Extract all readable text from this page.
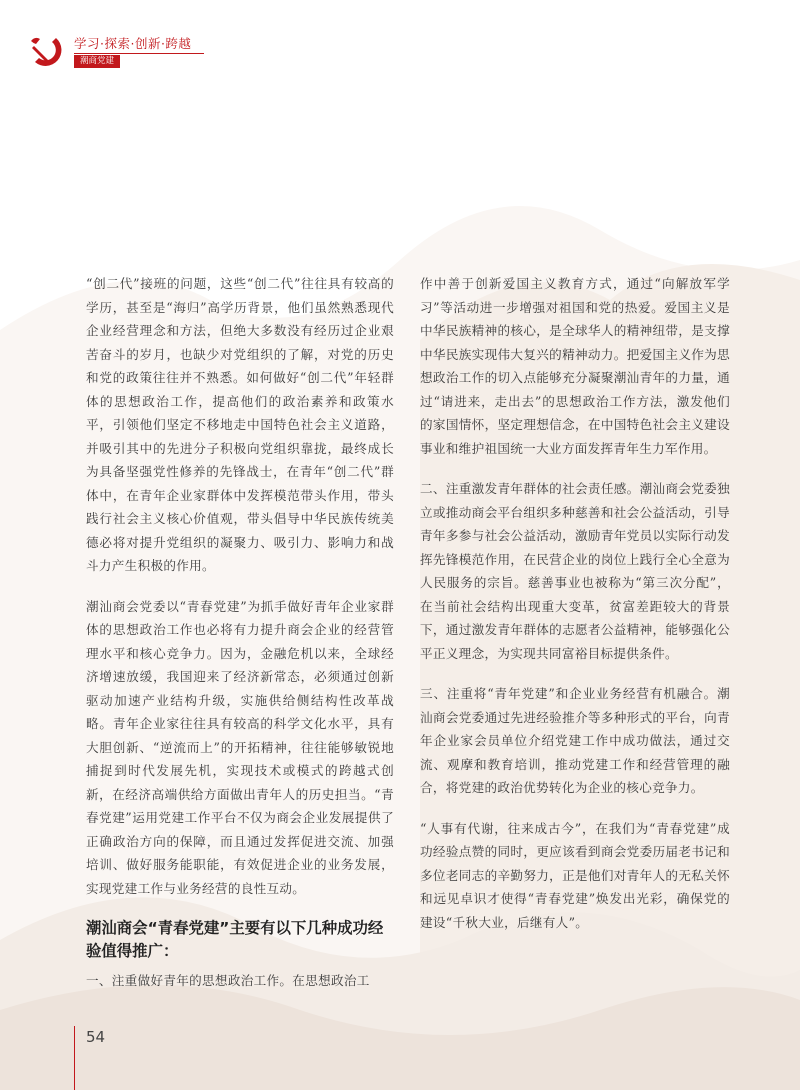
学习·探索·创新·跨越
潮商党建

“创二代”接班的问题，这些“创二代”往往具有较高的学历，甚至是“海归”高学历背景，他们虽然熟悉现代企业经营理念和方法，但绝大多数没有经历过企业艰苦奋斗的岁月，也缺少对党组织的了解，对党的历史和党的政策往往并不熟悉。如何做好“创二代”年轻群体的思想政治工作，提高他们的政治素养和政策水平，引领他们坚定不移地走中国特色社会主义道路，并吸引其中的先进分子积极向党组织靠拢，最终成长为具备坚强党性修养的先锋战士，在青年“创二代”群体中，在青年企业家群体中发挥模范带头作用，带头践行社会主义核心价值观，带头倡导中华民族传统美德必将对提升党组织的凝聚力、吸引力、影响力和战斗力产生积极的作用。

潮汕商会党委以“青春党建”为抓手做好青年企业家群体的思想政治工作也必将有力提升商会企业的经营管理水平和核心竞争力。因为，金融危机以来，全球经济增速放缓，我国迎来了经济新常态，必须通过创新驱动加速产业结构升级，实施供给侧结构性改革战略。青年企业家往往具有较高的科学文化水平，具有大胆创新、“逆流而上”的开拓精神，往往能够敏锐地捕捉到时代发展先机，实现技术或模式的跨越式创新，在经济高端供给方面做出青年人的历史担当。“青春党建”运用党建工作平台不仅为商会企业发展提供了正确政治方向的保障，而且通过发挥促进交流、加强培训、做好服务能职能，有效促进企业的业务发展，实现党建工作与业务经营的良性互动。

潮汕商会“青春党建”主要有以下几种成功经验值得推广：

一、注重做好青年的思想政治工作。在思想政治工

作中善于创新爱国主义教育方式，通过“向解放军学习”等活动进一步增强对祖国和党的热爱。爱国主义是中华民族精神的核心，是全球华人的精神纽带，是支撑中华民族实现伟大复兴的精神动力。把爱国主义作为思想政治工作的切入点能够充分凝聚潮汕青年的力量，通过“请进来，走出去”的思想政治工作方法，激发他们的家国情怀，坚定理想信念，在中国特色社会主义建设事业和维护祖国统一大业方面发挥青年生力军作用。

二、注重激发青年群体的社会责任感。潮汕商会党委独立或推动商会平台组织多种慈善和社会公益活动，引导青年多参与社会公益活动，激励青年党员以实际行动发挥先锋模范作用，在民营企业的岗位上践行全心全意为人民服务的宗旨。慈善事业也被称为“第三次分配”，在当前社会结构出现重大变革，贫富差距较大的背景下，通过激发青年群体的志愿者公益精神，能够强化公平正义理念，为实现共同富裕目标提供条件。

三、注重将“青年党建”和企业业务经营有机融合。潮汕商会党委通过先进经验推介等多种形式的平台，向青年企业家会员单位介绍党建工作中成功做法，通过交流、观摩和教育培训，推动党建工作和经营管理的融合，将党建的政治优势转化为企业的核心竞争力。

“人事有代谢，往来成古今”，在我们为“青春党建”成功经验点赞的同时，更应该看到商会党委历届老书记和多位老同志的辛勤努力，正是他们对青年人的无私关怀和远见卓识才使得“青春党建”焕发出光彩，确保党的建设“千秋大业，后继有人”。

54
